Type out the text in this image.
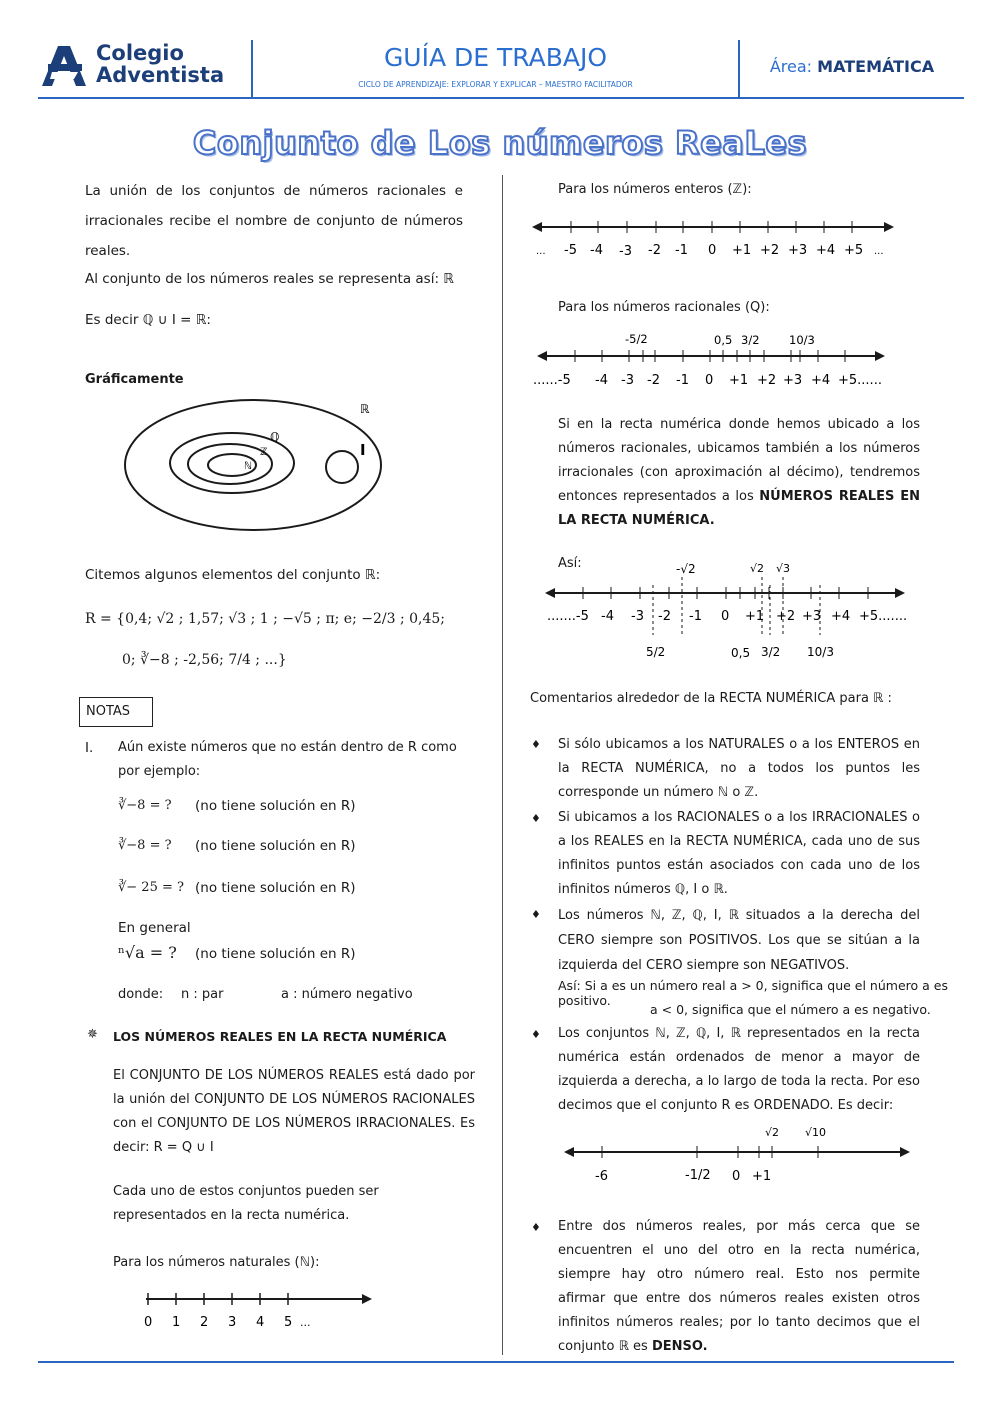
Colegio
Adventista
GUÍA DE TRABAJO
CICLO DE APRENDIZAJE: EXPLORAR Y EXPLICAR – MAESTRO FACILITADOR
Área: MATEMÁTICA
Conjunto de Los números ReaLes
La unión de los conjuntos de números racionales e irracionales recibe el nombre de conjunto de números reales.
Al conjunto de los números reales se representa así: ℝ
Es decir ℚ ∪ I = ℝ:
Gráficamente
ℝ
ℚ
ℤ
ℕ
I
Citemos algunos elementos del conjunto ℝ:
R = {0,4; √2 ; 1,57; √3 ; 1 ; −√5 ; π; e; −2/3 ; 0,45;
0; ∛−8 ; -2,56; 7/4 ; ...}
NOTAS
I. Aún existe números que no están dentro de R como por ejemplo:
∛−8 = ? (no tiene solución en R)
∛−8 = ? (no tiene solución en R)
∛− 25 = ? (no tiene solución en R)
En general
ⁿ√a = ? (no tiene solución en R)
donde: n : par	a : número negativo
✵ LOS NÚMEROS REALES EN LA RECTA NUMÉRICA
El CONJUNTO DE LOS NÚMEROS REALES está dado por la unión del CONJUNTO DE LOS NÚMEROS RACIONALES con el CONJUNTO DE LOS NÚMEROS IRRACIONALES. Es decir: R = Q ∪ I
Cada uno de estos conjuntos pueden ser representados en la recta numérica.
Para los números naturales (ℕ):
0 1 2 3 4 5 ...
Para los números enteros (ℤ):
... -5 -4 -3 -2 -1 0 +1 +2 +3 +4 +5 ...
Para los números racionales (Q):
-5/2	0,5 3/2	10/3
......-5 -4 -3 -2 -1 0 +1 +2 +3 +4 +5......
Si en la recta numérica donde hemos ubicado a los números racionales, ubicamos también a los números irracionales (con aproximación al décimo), tendremos entonces representados a los NÚMEROS REALES EN LA RECTA NUMÉRICA.
Así:	-√2	√2 √3
.......-5 -4 -3 -2 -1 0 +1 +2 +3 +4 +5.......
5/2	0,5 3/2 10/3
Comentarios alrededor de la RECTA NUMÉRICA para ℝ :
♦ Si sólo ubicamos a los NATURALES o a los ENTEROS en la RECTA NUMÉRICA, no a todos los puntos les corresponde un número ℕ o ℤ.
♦ Si ubicamos a los RACIONALES o a los IRRACIONALES o a los REALES en la RECTA NUMÉRICA, cada uno de sus infinitos puntos están asociados con cada uno de los infinitos números ℚ, I o ℝ.
♦ Los números ℕ, ℤ, ℚ, I, ℝ situados a la derecha del CERO siempre son POSITIVOS. Los que se sitúan a la izquierda del CERO siempre son NEGATIVOS.
Así: Si a es un número real a > 0, significa que el número a es positivo.
a < 0, significa que el número a es negativo.
♦ Los conjuntos ℕ, ℤ, ℚ, I, ℝ representados en la recta numérica están ordenados de menor a mayor de izquierda a derecha, a lo largo de toda la recta. Por eso decimos que el conjunto R es ORDENADO. Es decir:
√2 √10
-6	-1/2 0 +1
♦ Entre dos números reales, por más cerca que se encuentren el uno del otro en la recta numérica, siempre hay otro número real. Esto nos permite afirmar que entre dos números reales existen otros infinitos números reales; por lo tanto decimos que el conjunto ℝ es DENSO.
